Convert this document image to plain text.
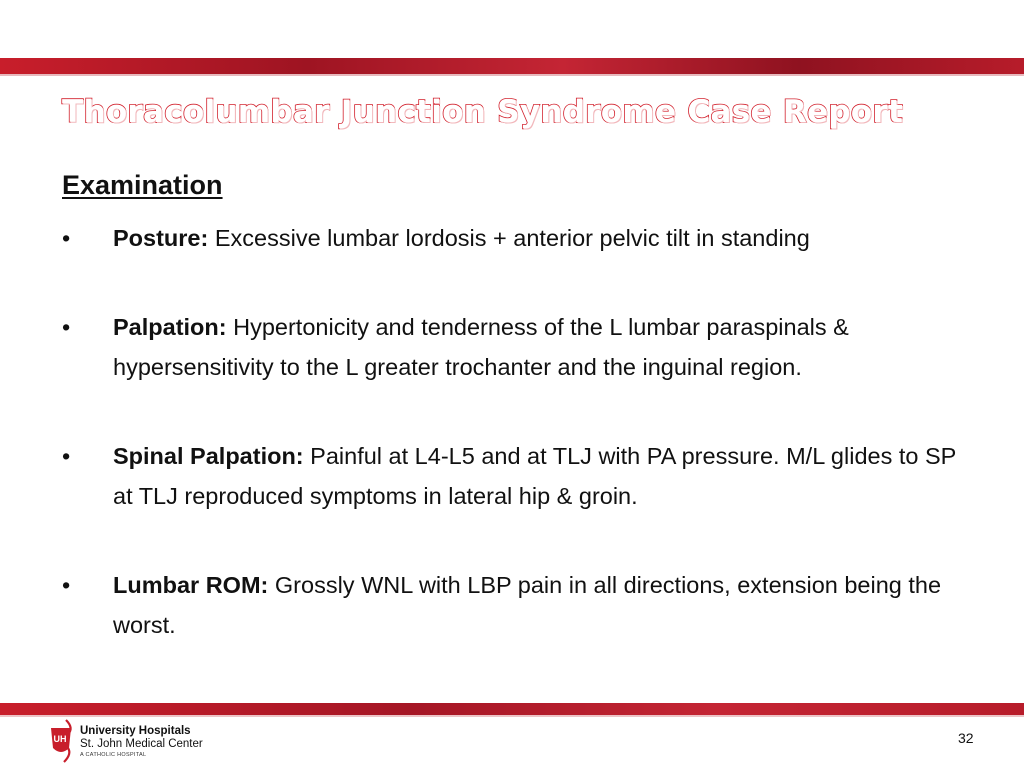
Thoracolumbar Junction Syndrome Case Report
Examination
• Posture: Excessive lumbar lordosis + anterior pelvic tilt in standing
• Palpation: Hypertonicity and tenderness of the L lumbar paraspinals & hypersensitivity to the L greater trochanter and the inguinal region.
• Spinal Palpation: Painful at L4-L5 and at TLJ with PA pressure. M/L glides to SP at TLJ reproduced symptoms in lateral hip & groin.
• Lumbar ROM: Grossly WNL with LBP pain in all directions, extension being the worst.
UH
University Hospitals
St. John Medical Center
A CATHOLIC HOSPITAL
32
